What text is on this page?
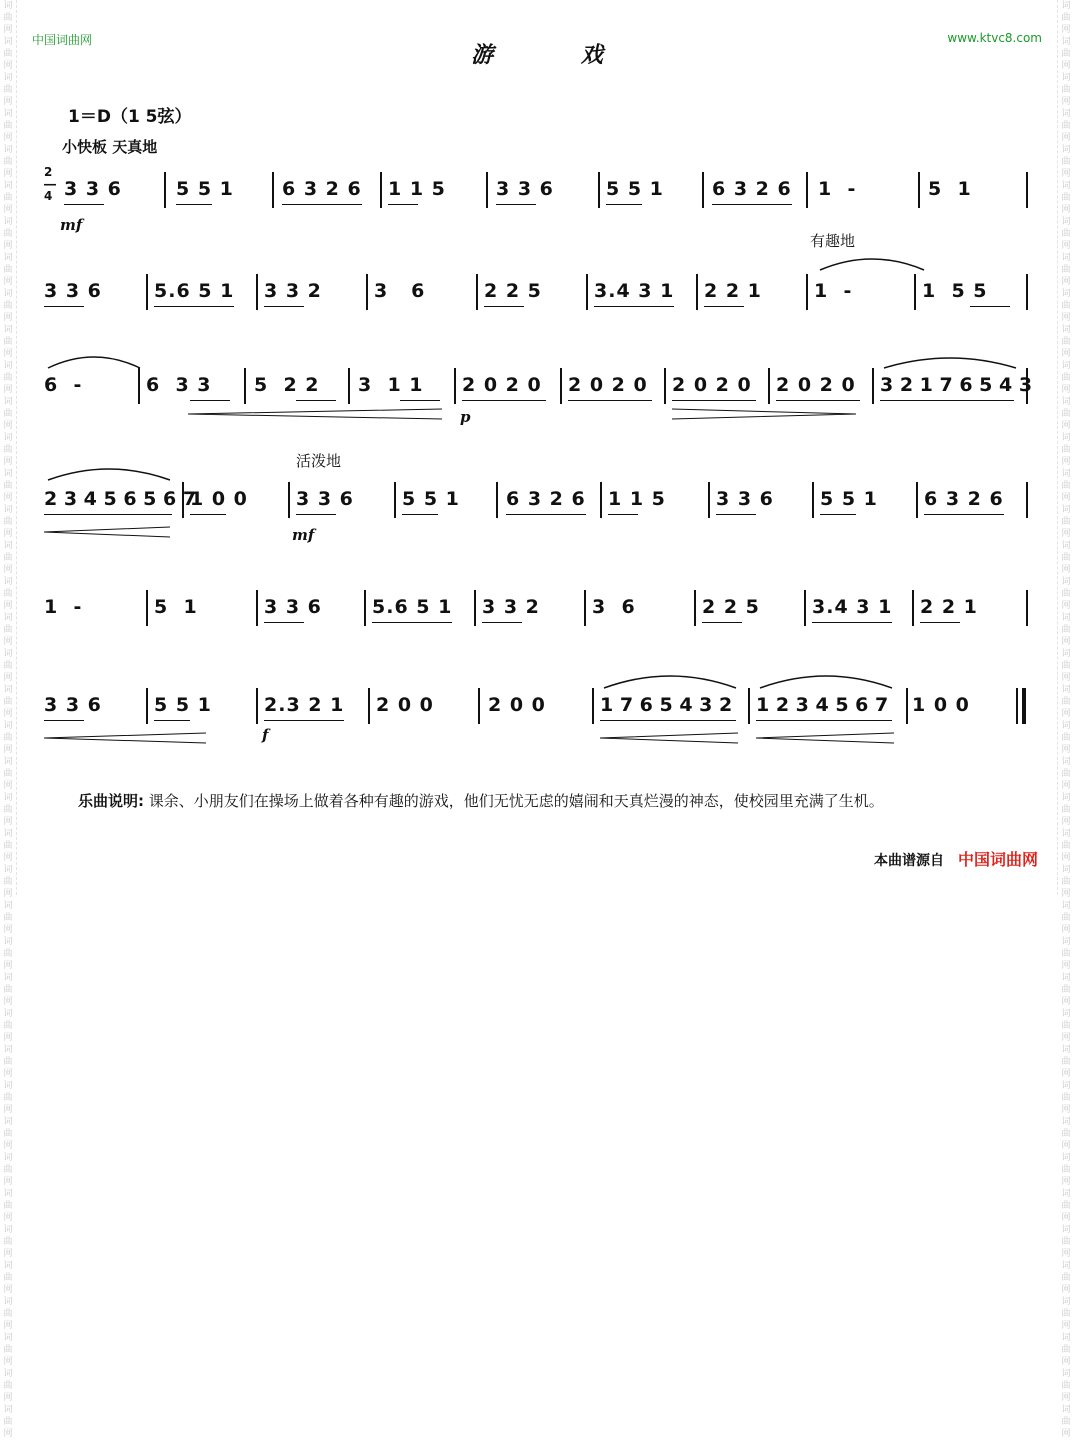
词曲网词曲网词曲网词曲网词曲网词曲网词曲网词曲网词曲网词曲网词曲网词曲网词曲网词曲网词曲网词曲网词曲网词曲网词曲网词曲网词曲网词曲网词曲网词曲网词曲网词曲网词曲网词曲网词曲网词曲网词曲网词曲网词曲网词曲网词曲网词曲网词曲网词曲网词曲网词曲网
词曲网词曲网词曲网词曲网词曲网词曲网词曲网词曲网词曲网词曲网词曲网词曲网词曲网词曲网词曲网词曲网词曲网词曲网词曲网词曲网词曲网词曲网词曲网词曲网词曲网词曲网词曲网词曲网词曲网词曲网词曲网词曲网词曲网词曲网词曲网词曲网词曲网词曲网词曲网词曲网
中国词曲网	www.ktvc8.com
游 戏
1＝D（1 5弦）
小快板 天真地
2
―
4 3 3 6	5 5 1	6 3 2 6 1 1 5	3 3 6	5 5 1	6 3 2 6 1  -	5  1
mf
3 3 6	5.6 5 1 3 3 2	3   6	2 2 5	3.4 3 1 2 2 1	1  -	1  5 5
有趣地
6  -	6  3 3 5  2 2 3  1 1 2 0 2 0 2 0 2 0 2 0 2 0 2 0 2 0 3 2 1 7 6 5 4 3
p
2 3 4 5 6 5 6 7
1 0 0	3 3 6	5 5 1 6 3 2 6 1 1 5	3 3 6 5 5 1 6 3 2 6
活泼地
mf
1  -	5  1	3 3 6	5.6 5 1 3 3 2	3  6	2 2 5	3.4 3 1 2 2 1
3 3 6	5 5 1	2.3 2 1 2 0 0	2 0 0	1 7 6 5 4 3 2 1 2 3 4 5 6 7 1 0 0
f
乐曲说明: 课余、小朋友们在操场上做着各种有趣的游戏，他们无忧无虑的嬉闹和天真烂漫的神态，使校园里充满了生机。
本曲谱源自 中国词曲网
